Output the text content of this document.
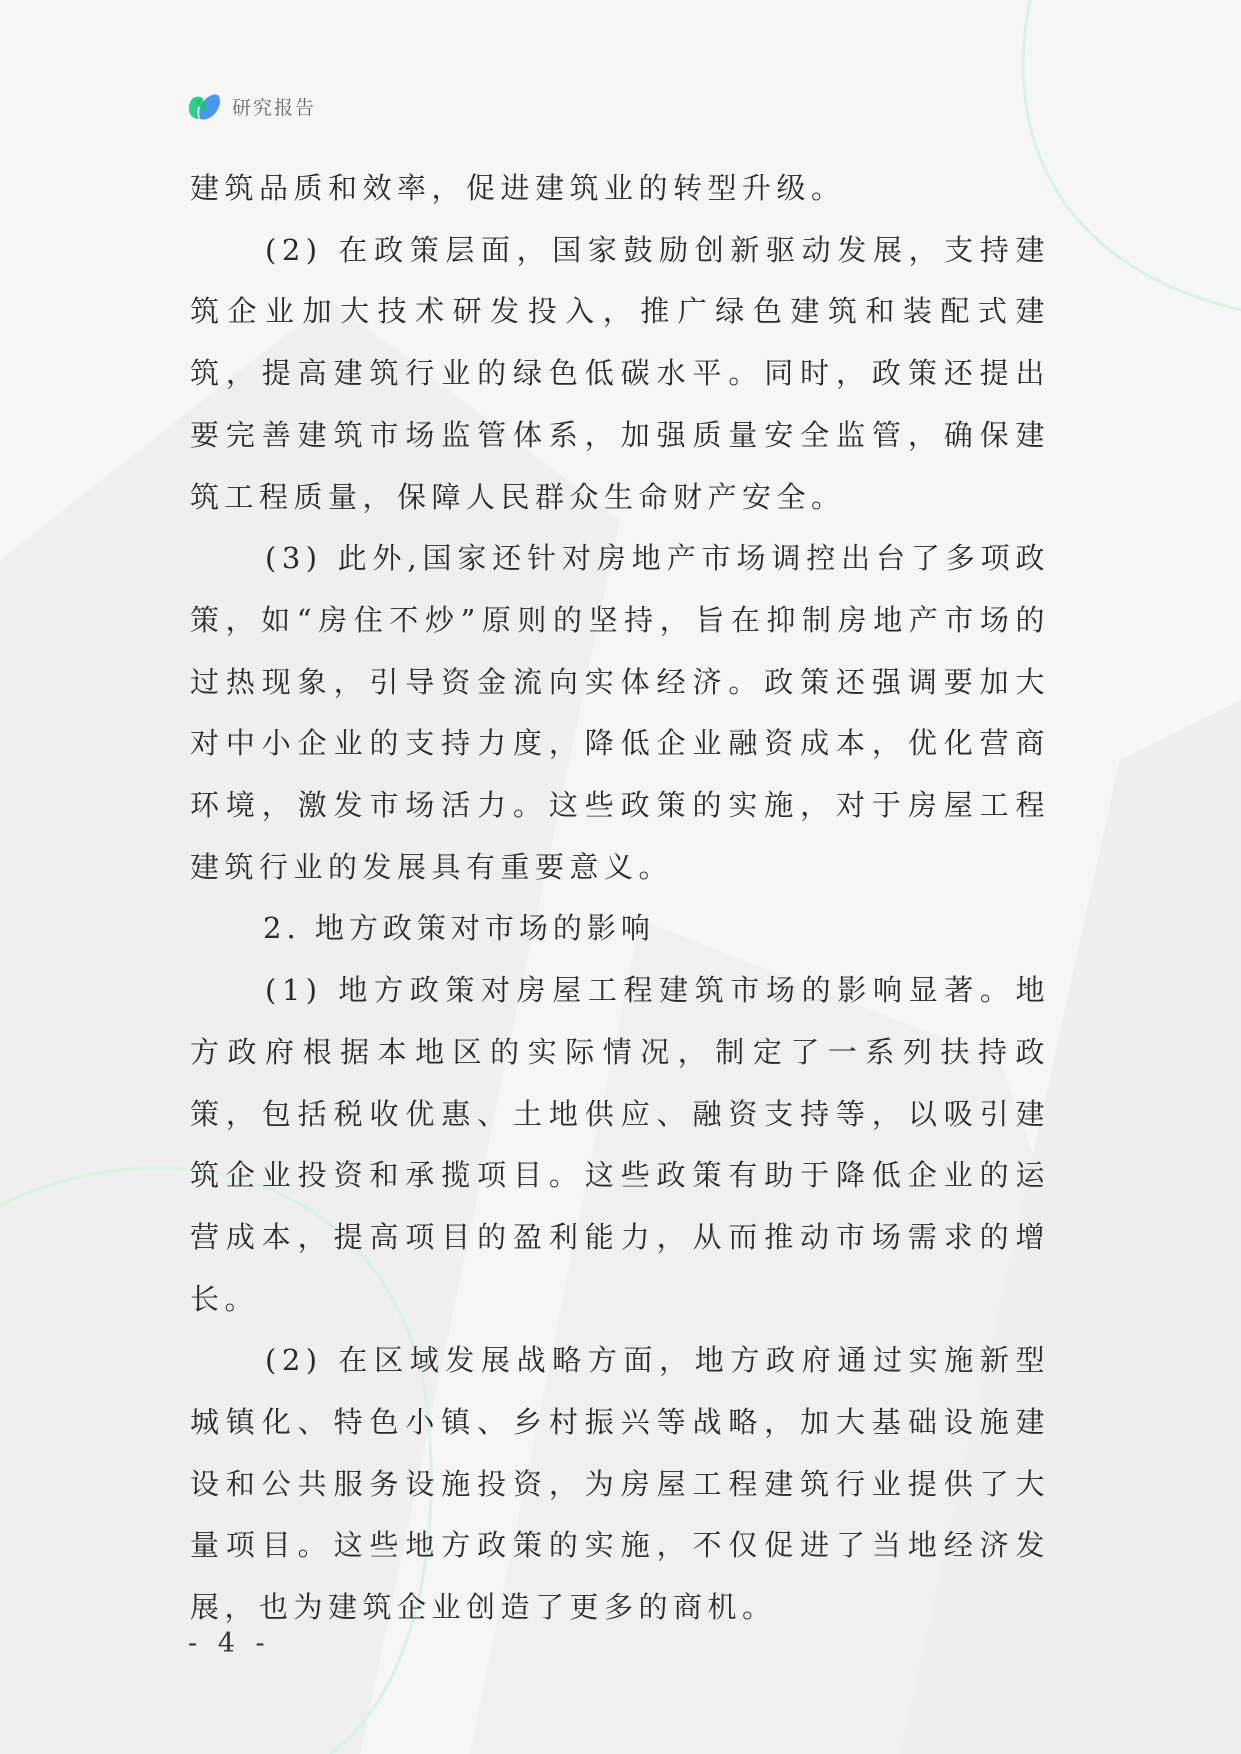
研究报告

建筑品质和效率，促进建筑业的转型升级。

(2) 在政策层面，国家鼓励创新驱动发展，支持建筑企业加大技术研发投入，推广绿色建筑和装配式建筑，提高建筑行业的绿色低碳水平。同时，政策还提出要完善建筑市场监管体系，加强质量安全监管，确保建筑工程质量，保障人民群众生命财产安全。

(3) 此外,国家还针对房地产市场调控出台了多项政策，如“房住不炒”原则的坚持，旨在抑制房地产市场的过热现象，引导资金流向实体经济。政策还强调要加大对中小企业的支持力度，降低企业融资成本，优化营商环境，激发市场活力。这些政策的实施，对于房屋工程建筑行业的发展具有重要意义。

2. 地方政策对市场的影响

(1) 地方政策对房屋工程建筑市场的影响显著。地方政府根据本地区的实际情况，制定了一系列扶持政策，包括税收优惠、土地供应、融资支持等，以吸引建筑企业投资和承揽项目。这些政策有助于降低企业的运营成本，提高项目的盈利能力，从而推动市场需求的增长。

(2) 在区域发展战略方面，地方政府通过实施新型城镇化、特色小镇、乡村振兴等战略，加大基础设施建设和公共服务设施投资，为房屋工程建筑行业提供了大量项目。这些地方政策的实施，不仅促进了当地经济发展，也为建筑企业创造了更多的商机。

- 4 -
